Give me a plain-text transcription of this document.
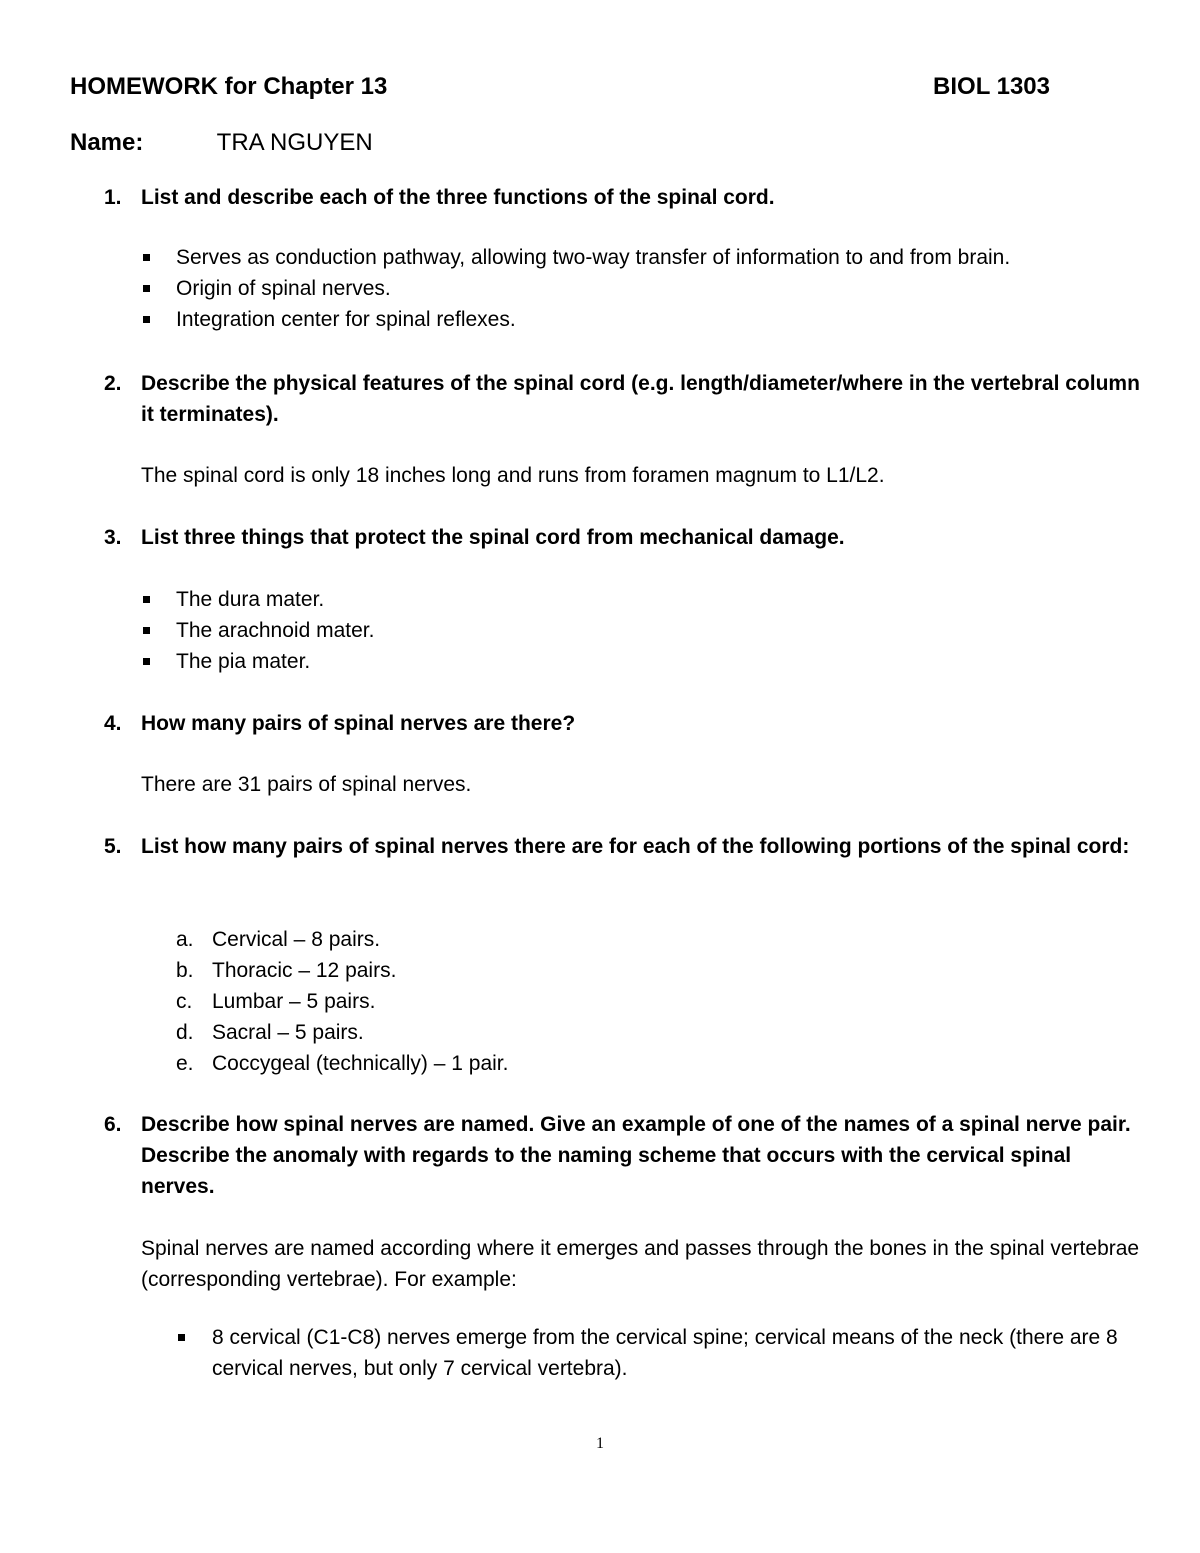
HOMEWORK for Chapter 13	BIOL 1303
Name:	TRA NGUYEN
1. List and describe each of the three functions of the spinal cord.
Serves as conduction pathway, allowing two-way transfer of information to and from brain.
Origin of spinal nerves.
Integration center for spinal reflexes.
2. Describe the physical features of the spinal cord (e.g. length/diameter/where in the vertebral column it terminates).
The spinal cord is only 18 inches long and runs from foramen magnum to L1/L2.
3. List three things that protect the spinal cord from mechanical damage.
The dura mater.
The arachnoid mater.
The pia mater.
4. How many pairs of spinal nerves are there?
There are 31 pairs of spinal nerves.
5. List how many pairs of spinal nerves there are for each of the following portions of the spinal cord:
a. Cervical – 8 pairs.
b. Thoracic – 12 pairs.
c. Lumbar – 5 pairs.
d. Sacral – 5 pairs.
e. Coccygeal (technically) – 1 pair.
6. Describe how spinal nerves are named. Give an example of one of the names of a spinal nerve pair. Describe the anomaly with regards to the naming scheme that occurs with the cervical spinal nerves.
Spinal nerves are named according where it emerges and passes through the bones in the spinal vertebrae (corresponding vertebrae). For example:
8 cervical (C1-C8) nerves emerge from the cervical spine; cervical means of the neck (there are 8 cervical nerves, but only 7 cervical vertebra).
1
